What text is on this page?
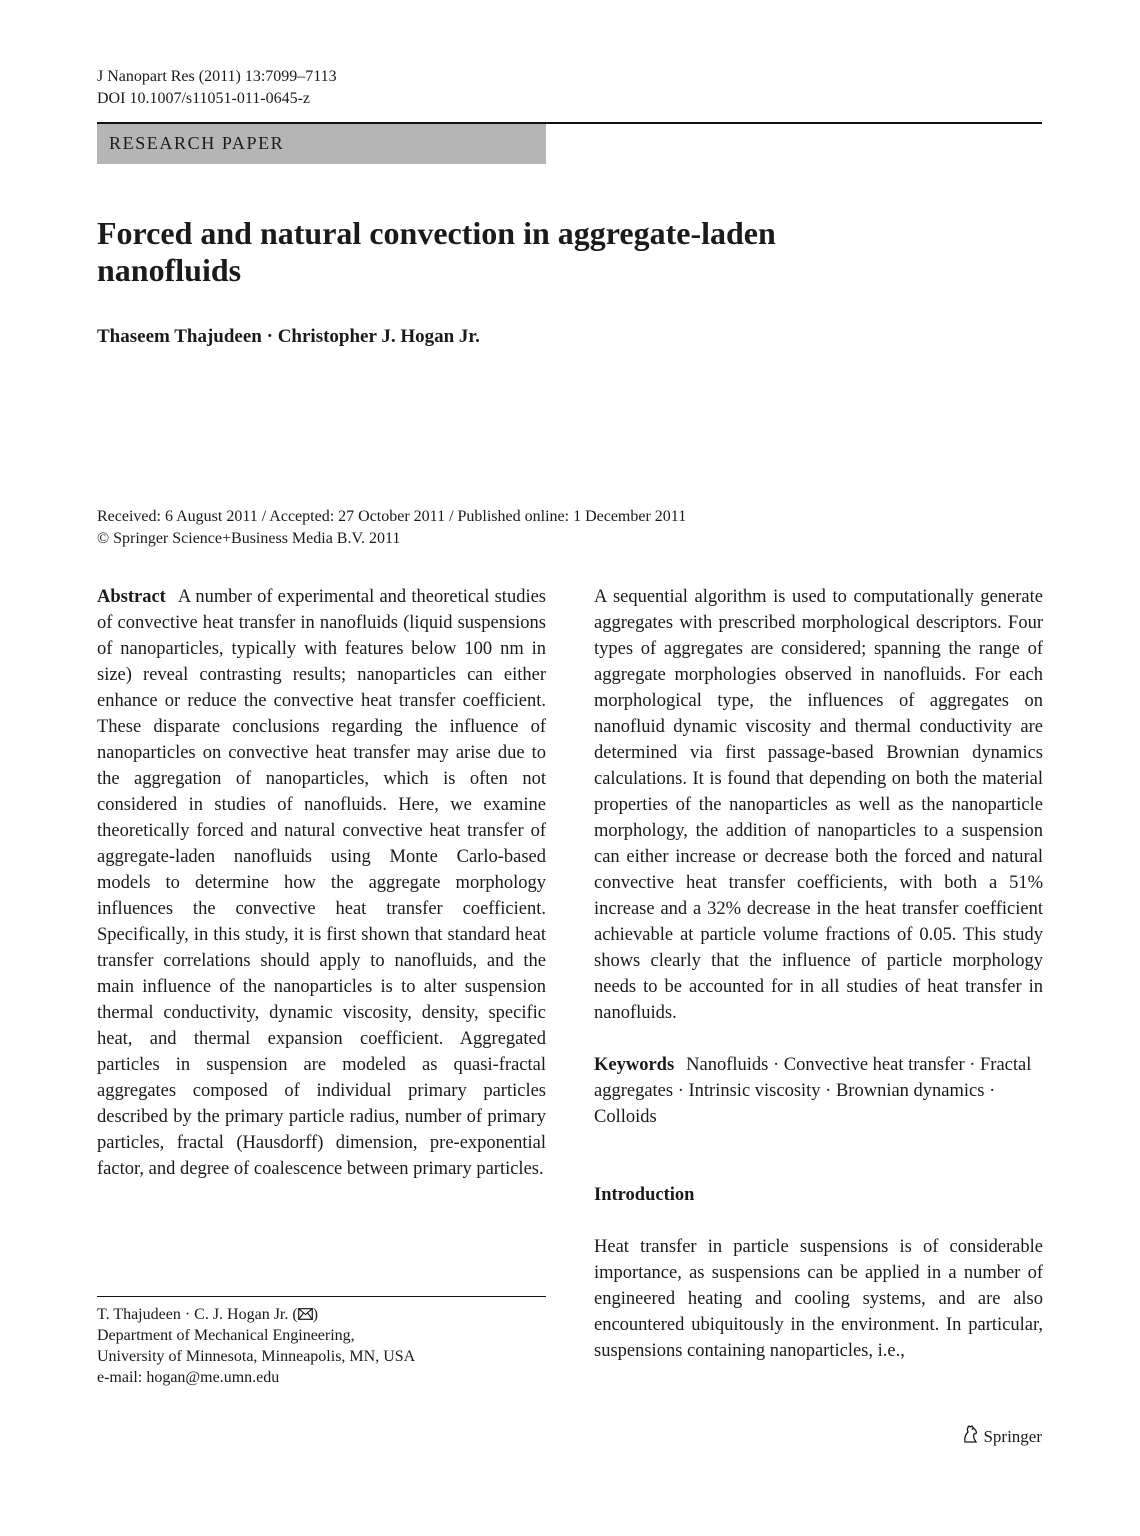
J Nanopart Res (2011) 13:7099–7113
DOI 10.1007/s11051-011-0645-z
RESEARCH PAPER
Forced and natural convection in aggregate-laden
nanofluids
Thaseem Thajudeen · Christopher J. Hogan Jr.
Received: 6 August 2011 / Accepted: 27 October 2011 / Published online: 1 December 2011
© Springer Science+Business Media B.V. 2011

Abstract A number of experimental and theoretical studies of convective heat transfer in nanofluids (liquid suspensions of nanoparticles, typically with features below 100 nm in size) reveal contrasting results; nanoparticles can either enhance or reduce the convective heat transfer coefficient. These disparate conclusions regarding the influence of nanoparticles on convective heat transfer may arise due to the aggregation of nanoparticles, which is often not considered in studies of nanofluids. Here, we examine theoretically forced and natural convective heat transfer of aggregate-laden nanofluids using Monte Carlo-based models to determine how the aggregate morphology influences the convective heat transfer coefficient. Specifically, in this study, it is first shown that standard heat transfer correlations should apply to nanofluids, and the main influence of the nanoparticles is to alter suspension thermal conductivity, dynamic viscosity, density, specific heat, and thermal expansion coefficient. Aggregated particles in suspension are modeled as quasi-fractal aggregates composed of individual primary particles described by the primary particle radius, number of primary particles, fractal (Hausdorff) dimension, pre-exponential factor, and degree of coalescence between primary particles.

A sequential algorithm is used to computationally generate aggregates with prescribed morphological descriptors. Four types of aggregates are considered; spanning the range of aggregate morphologies observed in nanofluids. For each morphological type, the influences of aggregates on nanofluid dynamic viscosity and thermal conductivity are determined via first passage-based Brownian dynamics calculations. It is found that depending on both the material properties of the nanoparticles as well as the nanoparticle morphology, the addition of nanoparticles to a suspension can either increase or decrease both the forced and natural convective heat transfer coefficients, with both a 51% increase and a 32% decrease in the heat transfer coefficient achievable at particle volume fractions of 0.05. This study shows clearly that the influence of particle morphology needs to be accounted for in all studies of heat transfer in nanofluids.

Keywords Nanofluids · Convective heat transfer · Fractal aggregates · Intrinsic viscosity · Brownian dynamics · Colloids

Introduction

Heat transfer in particle suspensions is of considerable importance, as suspensions can be applied in a number of engineered heating and cooling systems, and are also encountered ubiquitously in the environment. In particular, suspensions containing nanoparticles, i.e.,

T. Thajudeen · C. J. Hogan Jr. ( )
Department of Mechanical Engineering,
University of Minnesota, Minneapolis, MN, USA
e-mail: hogan@me.umn.edu
Springer
